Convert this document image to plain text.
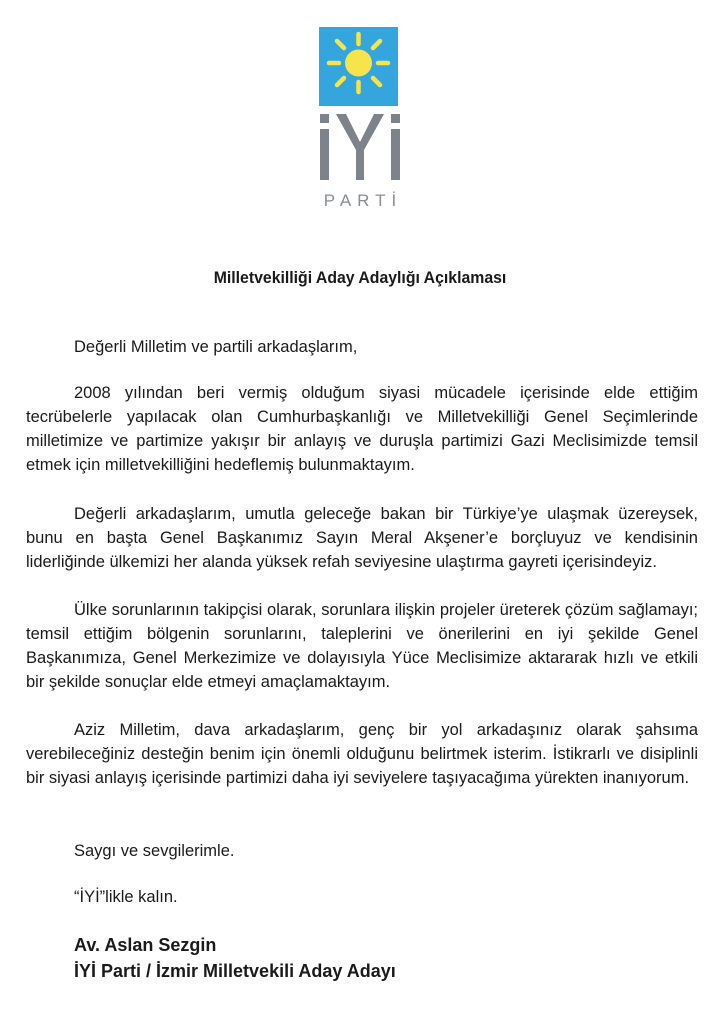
PARTİ
Milletvekilliği Aday Adaylığı Açıklaması

Değerli Milletim ve partili arkadaşlarım,

2008 yılından beri vermiş olduğum siyasi mücadele içerisinde elde ettiğim tecrübelerle yapılacak olan Cumhurbaşkanlığı ve Milletvekilliği Genel Seçimlerinde milletimize ve partimize yakışır bir anlayış ve duruşla partimizi Gazi Meclisimizde temsil etmek için milletvekilliğini hedeflemiş bulunmaktayım.

Değerli arkadaşlarım, umutla geleceğe bakan bir Türkiye’ye ulaşmak üzereysek, bunu en başta Genel Başkanımız Sayın Meral Akşener’e borçluyuz ve kendisinin liderliğinde ülkemizi her alanda yüksek refah seviyesine ulaştırma gayreti içerisindeyiz.

Ülke sorunlarının takipçisi olarak, sorunlara ilişkin projeler üreterek çözüm sağlamayı; temsil ettiğim bölgenin sorunlarını, taleplerini ve önerilerini en iyi şekilde Genel Başkanımıza, Genel Merkezimize ve dolayısıyla Yüce Meclisimize aktararak hızlı ve etkili bir şekilde sonuçlar elde etmeyi amaçlamaktayım.

Aziz Milletim, dava arkadaşlarım, genç bir yol arkadaşınız olarak şahsıma verebileceğiniz desteğin benim için önemli olduğunu belirtmek isterim. İstikrarlı ve disiplinli bir siyasi anlayış içerisinde partimizi daha iyi seviyelere taşıyacağıma yürekten inanıyorum.

Saygı ve sevgilerimle.

“İYİ”likle kalın.

Av. Aslan Sezgin

İYİ Parti / İzmir Milletvekili Aday Adayı
